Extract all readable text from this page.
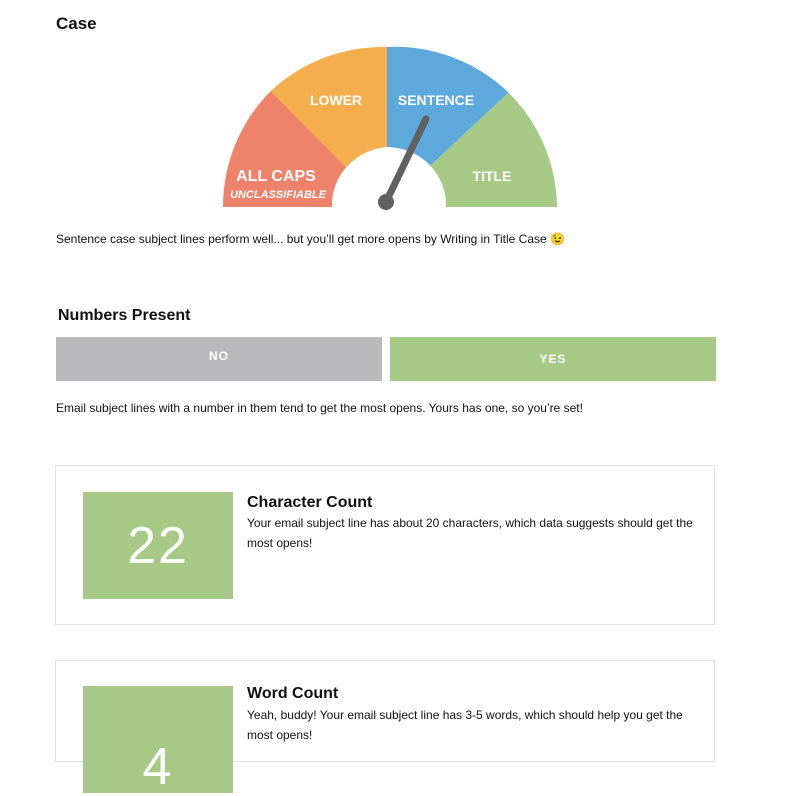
Case
ALL CAPS
UNCLASSIFIABLE
LOWER	SENTENCE
TITLE

Sentence case subject lines perform well... but you’ll get more opens by Writing in Title Case 😉

Numbers Present
NO	YES

Email subject lines with a number in them tend to get the most opens. Yours has one, so you’re set!

22
Character Count
Your email subject line has about 20 characters, which data suggests should get the most opens!
4
Word Count
Yeah, buddy! Your email subject line has 3-5 words, which should help you get the most opens!
